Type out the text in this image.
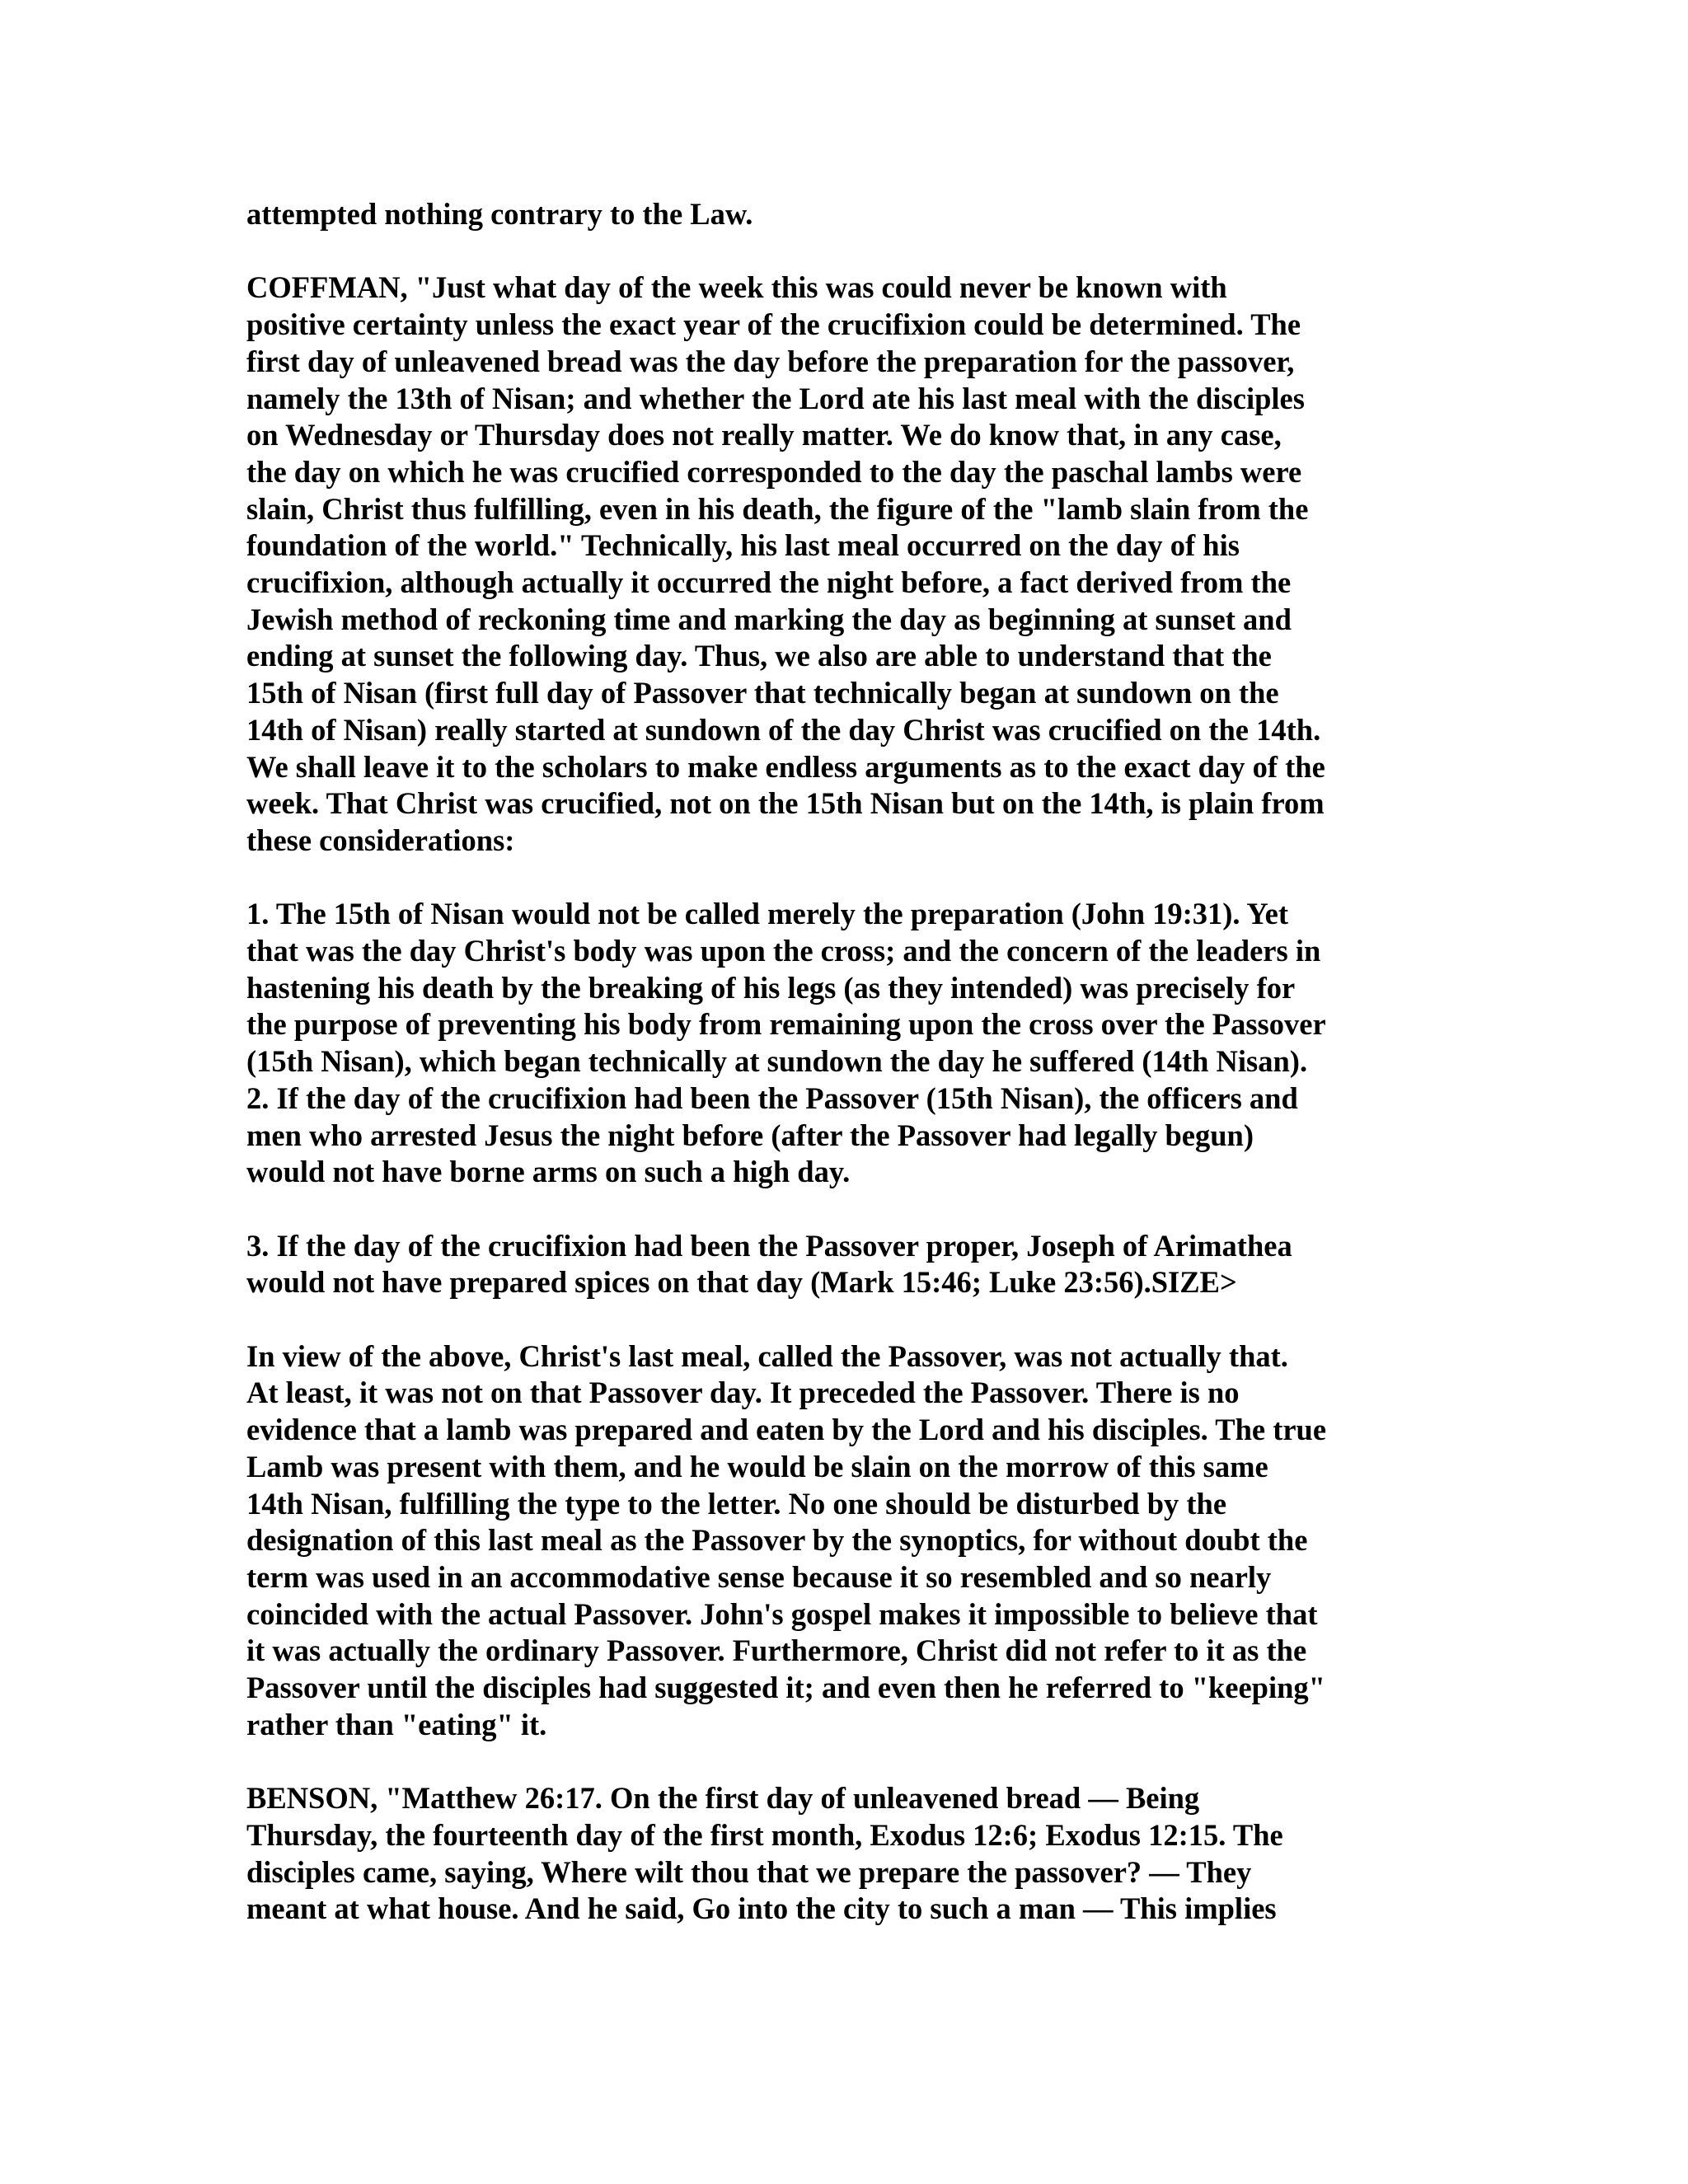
attempted nothing contrary to the Law.
COFFMAN, "Just what day of the week this was could never be known with
positive certainty unless the exact year of the crucifixion could be determined. The
first day of unleavened bread was the day before the preparation for the passover,
namely the 13th of Nisan; and whether the Lord ate his last meal with the disciples
on Wednesday or Thursday does not really matter. We do know that, in any case,
the day on which he was crucified corresponded to the day the paschal lambs were
slain, Christ thus fulfilling, even in his death, the figure of the "lamb slain from the
foundation of the world." Technically, his last meal occurred on the day of his
crucifixion, although actually it occurred the night before, a fact derived from the
Jewish method of reckoning time and marking the day as beginning at sunset and
ending at sunset the following day. Thus, we also are able to understand that the
15th of Nisan (first full day of Passover that technically began at sundown on the
14th of Nisan) really started at sundown of the day Christ was crucified on the 14th.
We shall leave it to the scholars to make endless arguments as to the exact day of the
week. That Christ was crucified, not on the 15th Nisan but on the 14th, is plain from
these considerations:
1. The 15th of Nisan would not be called merely the preparation (John 19:31). Yet
that was the day Christ's body was upon the cross; and the concern of the leaders in
hastening his death by the breaking of his legs (as they intended) was precisely for
the purpose of preventing his body from remaining upon the cross over the Passover
(15th Nisan), which began technically at sundown the day he suffered (14th Nisan).
2. If the day of the crucifixion had been the Passover (15th Nisan), the officers and
men who arrested Jesus the night before (after the Passover had legally begun)
would not have borne arms on such a high day.
3. If the day of the crucifixion had been the Passover proper, Joseph of Arimathea
would not have prepared spices on that day (Mark 15:46; Luke 23:56).SIZE>
In view of the above, Christ's last meal, called the Passover, was not actually that.
At least, it was not on that Passover day. It preceded the Passover. There is no
evidence that a lamb was prepared and eaten by the Lord and his disciples. The true
Lamb was present with them, and he would be slain on the morrow of this same
14th Nisan, fulfilling the type to the letter. No one should be disturbed by the
designation of this last meal as the Passover by the synoptics, for without doubt the
term was used in an accommodative sense because it so resembled and so nearly
coincided with the actual Passover. John's gospel makes it impossible to believe that
it was actually the ordinary Passover. Furthermore, Christ did not refer to it as the
Passover until the disciples had suggested it; and even then he referred to "keeping"
rather than "eating" it.
BENSON, "Matthew 26:17. On the first day of unleavened bread — Being
Thursday, the fourteenth day of the first month, Exodus 12:6; Exodus 12:15. The
disciples came, saying, Where wilt thou that we prepare the passover? — They
meant at what house. And he said, Go into the city to such a man — This implies
